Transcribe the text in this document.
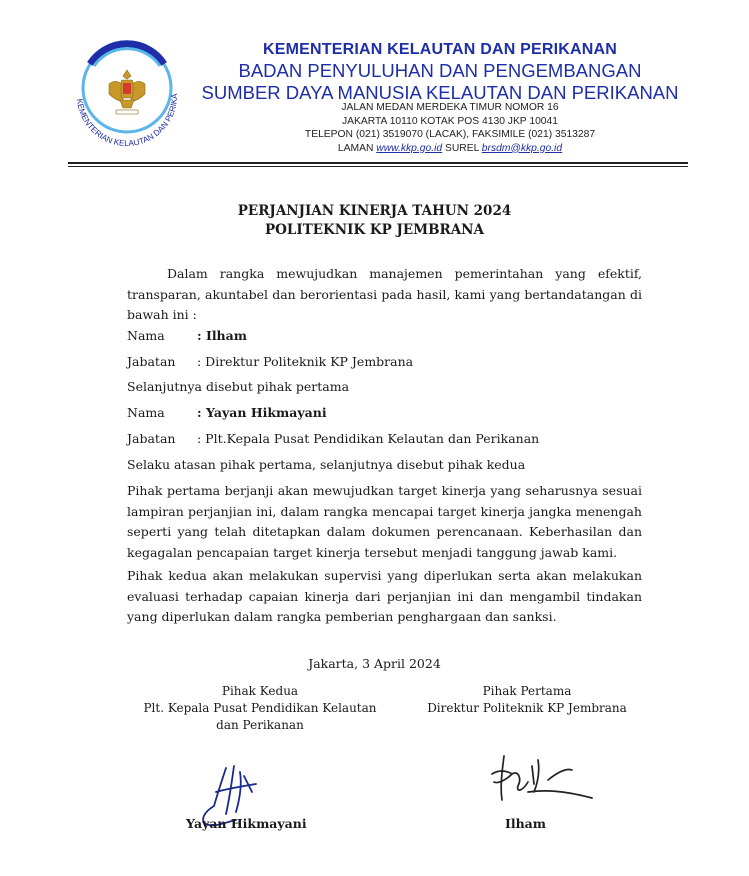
KEMENTERIAN KELAUTAN DAN PERIKA
KEMENTERIAN KELAUTAN DAN PERIKANAN
BADAN PENYULUHAN DAN PENGEMBANGAN
SUMBER DAYA MANUSIA KELAUTAN DAN PERIKANAN
JALAN MEDAN MERDEKA TIMUR NOMOR 16
JAKARTA 10110 KOTAK POS 4130 JKP 10041
TELEPON (021) 3519070 (LACAK), FAKSIMILE (021) 3513287
LAMAN www.kkp.go.id SUREL brsdm@kkp.go.id
PERJANJIAN KINERJA TAHUN 2024
POLITEKNIK KP JEMBRANA
Dalam rangka mewujudkan manajemen pemerintahan yang efektif, transparan, akuntabel dan berorientasi pada hasil, kami yang bertandatangan di bawah ini :
Nama	: Ilham
Jabatan : Direktur Politeknik KP Jembrana
Selanjutnya disebut pihak pertama
Nama	: Yayan Hikmayani
Jabatan : Plt.Kepala Pusat Pendidikan Kelautan dan Perikanan
Selaku atasan pihak pertama, selanjutnya disebut pihak kedua
Pihak pertama berjanji akan mewujudkan target kinerja yang seharusnya sesuai lampiran perjanjian ini, dalam rangka mencapai target kinerja jangka menengah seperti yang telah ditetapkan dalam dokumen perencanaan. Keberhasilan dan kegagalan pencapaian target kinerja tersebut menjadi tanggung jawab kami.
Pihak kedua akan melakukan supervisi yang diperlukan serta akan melakukan evaluasi terhadap capaian kinerja dari perjanjian ini dan mengambil tindakan yang diperlukan dalam rangka pemberian penghargaan dan sanksi.
Jakarta, 3 April 2024
Pihak Kedua
Plt. Kepala Pusat Pendidikan Kelautan
dan Perikanan
Pihak Pertama
Direktur Politeknik KP Jembrana
Yayan Hikmayani	Ilham
